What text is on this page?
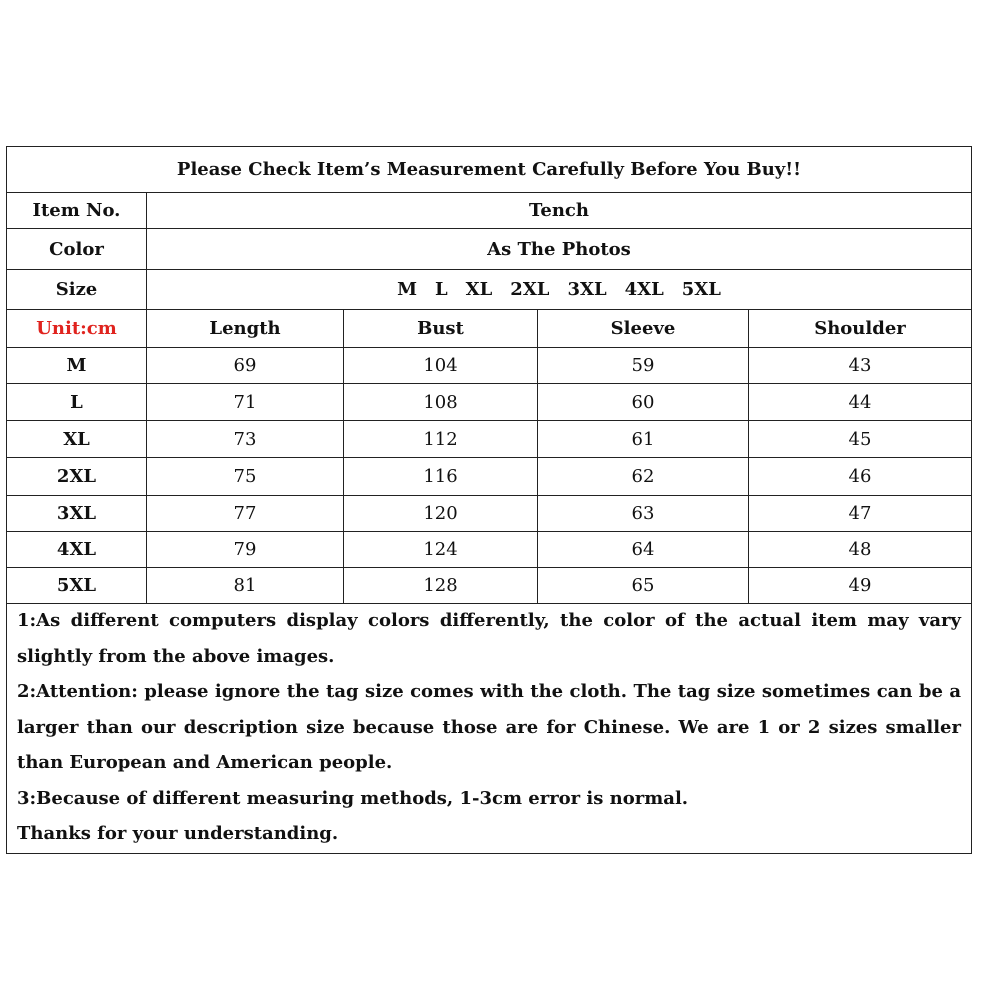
Please Check Item’s Measurement Carefully Before You Buy!!
Item No.	Tench
Color	As The Photos
Size	M L XL 2XL 3XL 4XL 5XL
Unit:cm	Length	Bust	Sleeve	Shoulder
M	69	104	59	43
L	71	108	60	44
XL	73	112	61	45
2XL	75	116	62	46
3XL	77	120	63	47
4XL	79	124	64	48
5XL	81	128	65	49

1:As different computers display colors differently, the color of the actual item may vary slightly from the above images.

2:Attention: please ignore the tag size comes with the cloth. The tag size sometimes can be a larger than our description size because those are for Chinese. We are 1 or 2 sizes smaller than European and American people.

3:Because of different measuring methods, 1-3cm error is normal.

Thanks for your understanding.
